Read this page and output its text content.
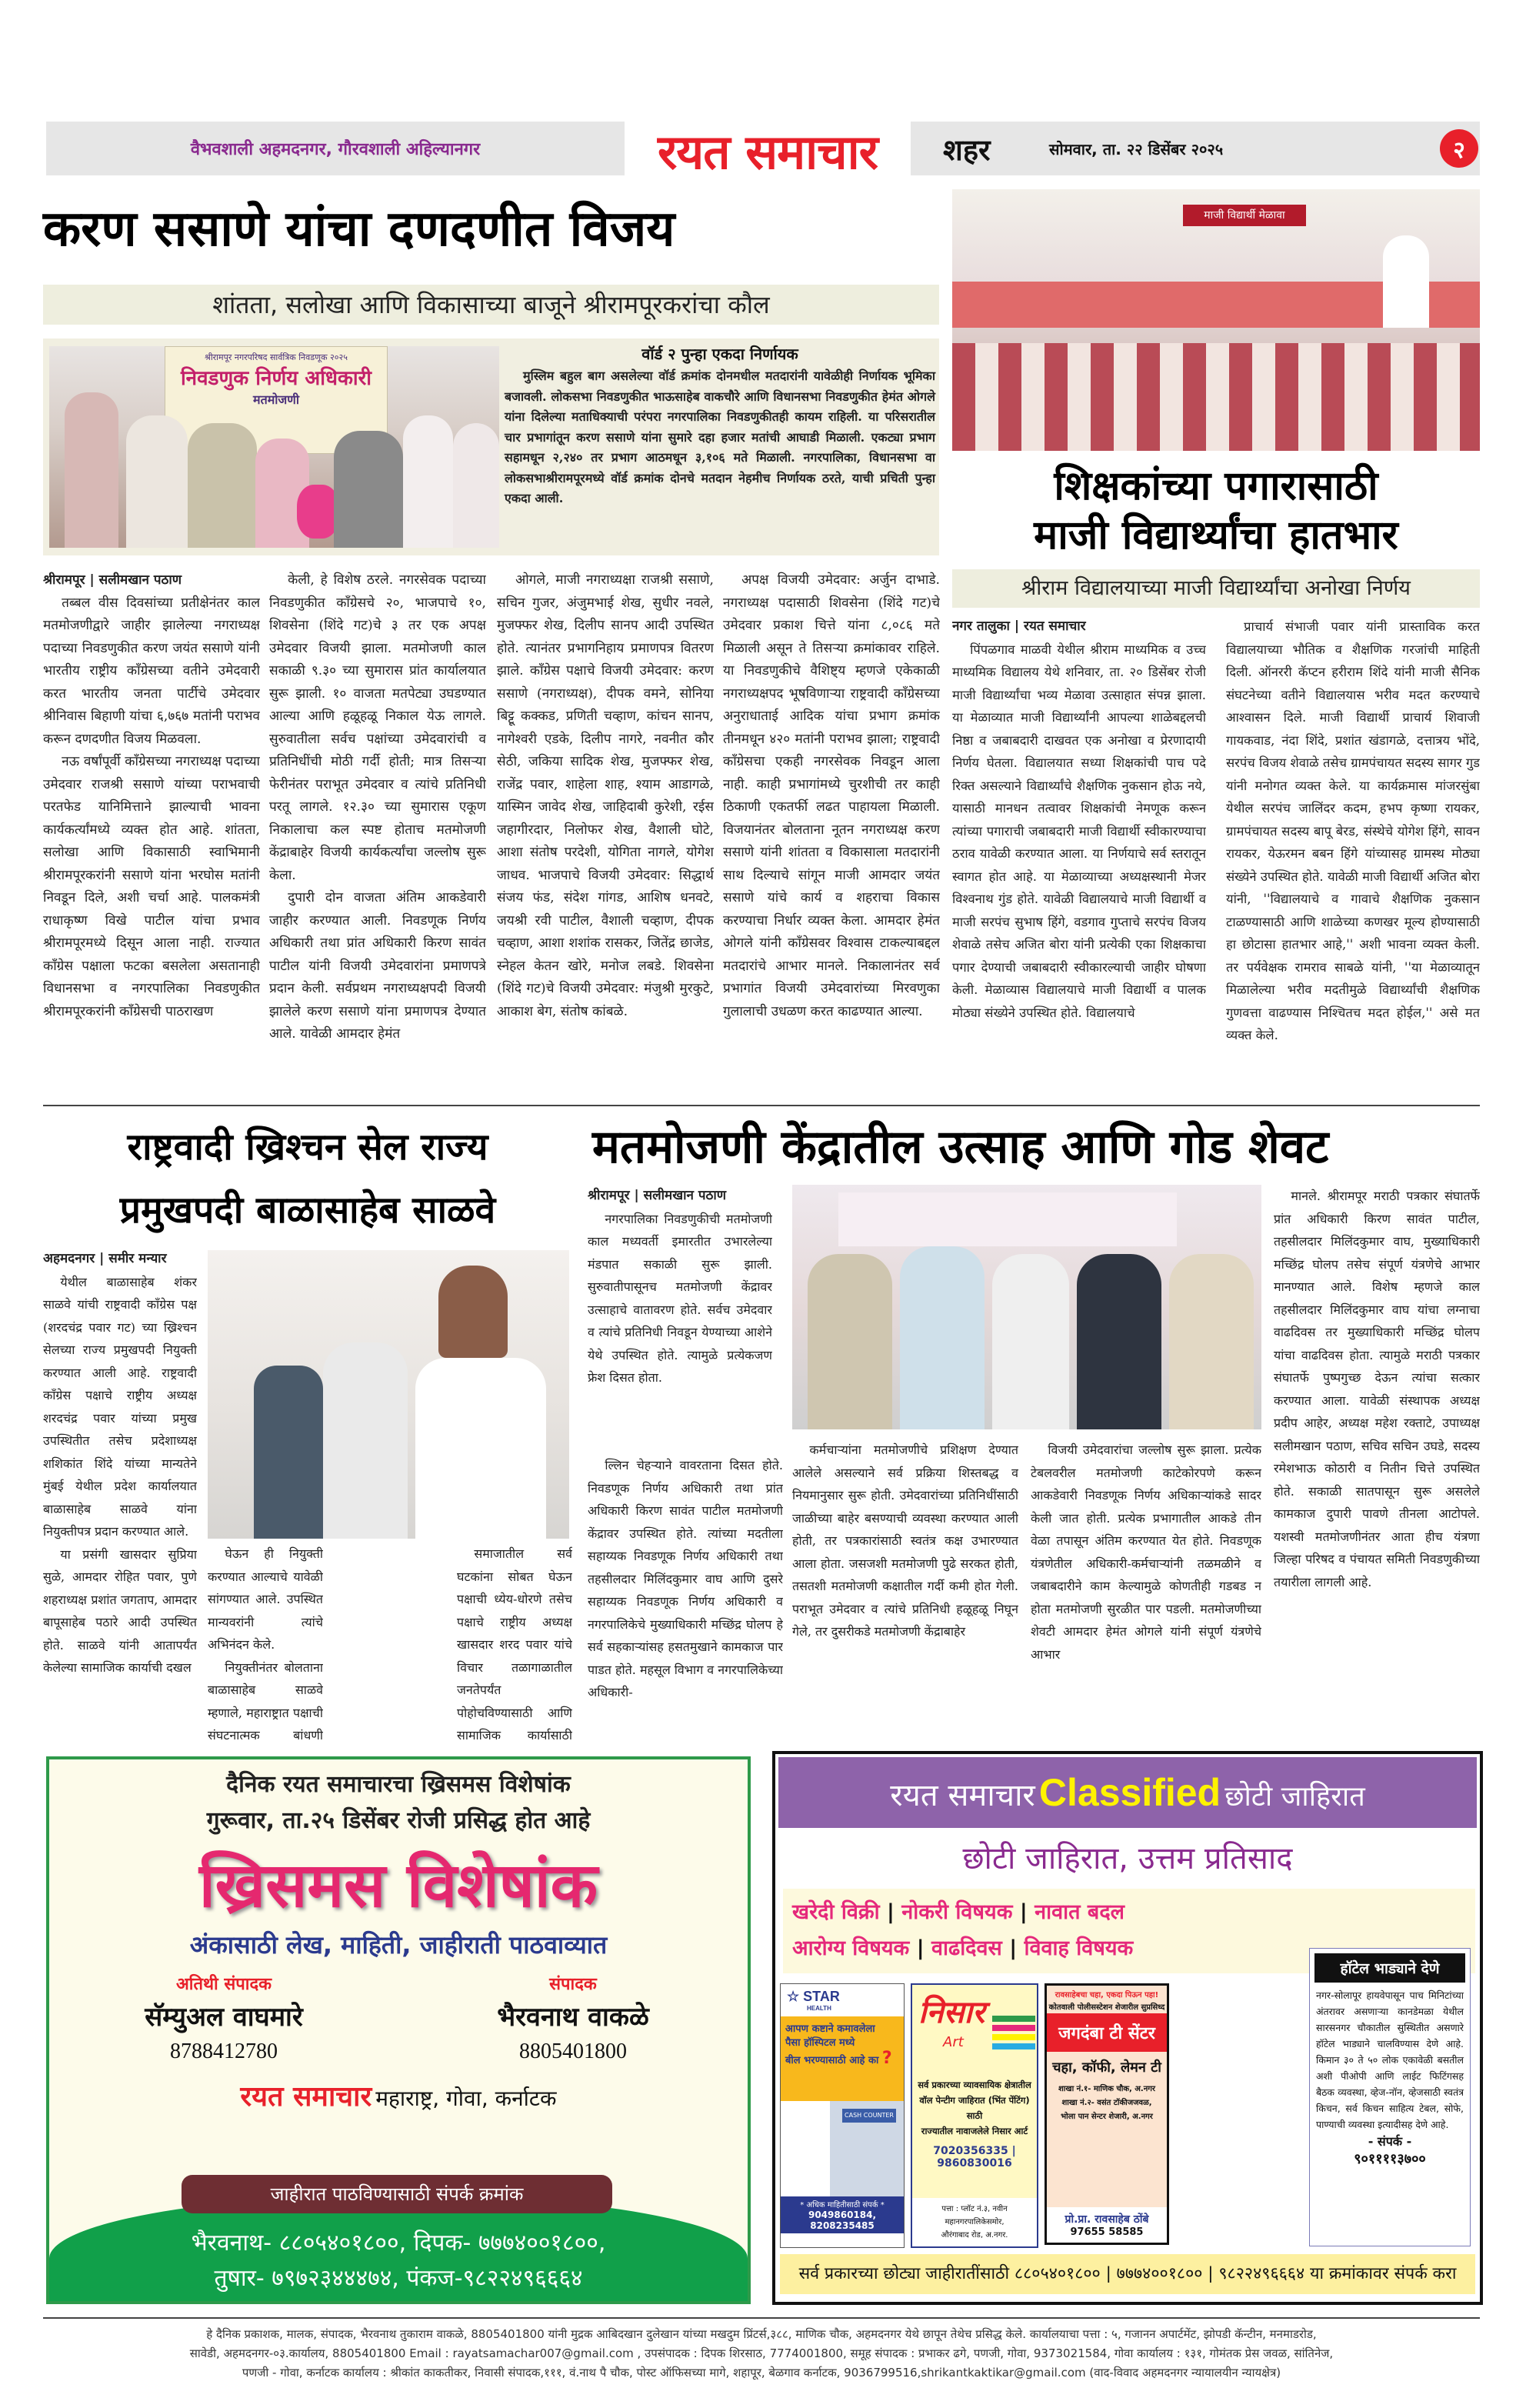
वैभवशाली अहमदनगर, गौरवशाली अहिल्यानगर	रयत समाचार	शहर	सोमवार, ता. २२ डिसेंबर २०२५	२
करण ससाणे यांचा दणदणीत विजय
शांतता, सलोखा आणि विकासाच्या बाजूने श्रीरामपूरकरांचा कौल
श्रीरामपूर नगरपरिषद सार्वत्रिक निवडणूक २०२५
निवडणुक निर्णय अधिकारी
मतमोजणी
वॉर्ड २ पुन्हा एकदा निर्णायक
मुस्लिम बहुल बाग असलेल्या वॉर्ड क्रमांक दोनमधील मतदारांनी यावेळीही निर्णायक भूमिका बजावली. लोकसभा निवडणुकीत भाऊसाहेब वाकचौरे आणि विधानसभा निवडणुकीत हेमंत ओगले यांना दिलेल्या मताधिक्याची परंपरा नगरपालिका निवडणुकीतही कायम राहिली. या परिसरातील चार प्रभागांतून करण ससाणे यांना सुमारे दहा हजार मतांची आघाडी मिळाली. एकट्या प्रभाग सहामधून २,२४० तर प्रभाग आठमधून ३,१०६ मते मिळाली. नगरपालिका, विधानसभा वा लोकसभाश्रीरामपूरमध्ये वॉर्ड क्रमांक दोनचे मतदान नेहमीच निर्णायक ठरते, याची प्रचिती पुन्हा एकदा आली.

श्रीरामपूर | सलीमखान पठाण

तब्बल वीस दिवसांच्या प्रतीक्षेनंतर काल मतमोजणीद्वारे जाहीर झालेल्या नगराध्यक्ष पदाच्या निवडणुकीत करण जयंत ससाणे यांनी भारतीय राष्ट्रीय काँग्रेसच्या वतीने उमेदवारी करत भारतीय जनता पार्टीचे उमेदवार श्रीनिवास बिहाणी यांचा ६,७६७ मतांनी पराभव करून दणदणीत विजय मिळवला.

नऊ वर्षांपूर्वी काँग्रेसच्या नगराध्यक्ष पदाच्या उमेदवार राजश्री ससाणे यांच्या पराभवाची परतफेड यानिमित्ताने झाल्याची भावना कार्यकर्त्यांमध्ये व्यक्त होत आहे. शांतता, सलोखा आणि विकासाठी स्वाभिमानी श्रीरामपूरकरांनी ससाणे यांना भरघोस मतांनी निवडून दिले, अशी चर्चा आहे. पालकमंत्री राधाकृष्ण विखे पाटील यांचा प्रभाव श्रीरामपूरमध्ये दिसून आला नाही. राज्यात काँग्रेस पक्षाला फटका बसलेला असतानाही विधानसभा व नगरपालिका निवडणुकीत श्रीरामपूरकरांनी काँग्रेसची पाठराखण

केली, हे विशेष ठरले. नगरसेवक पदाच्या निवडणुकीत काँग्रेसचे २०, भाजपाचे १०, शिवसेना (शिंदे गट)चे ३ तर एक अपक्ष उमेदवार विजयी झाला. मतमोजणी काल सकाळी ९.३० च्या सुमारास प्रांत कार्यालयात सुरू झाली. १० वाजता मतपेट्या उघडण्यात आल्या आणि हळूहळू निकाल येऊ लागले. सुरुवातीला सर्वच पक्षांच्या उमेदवारांची व प्रतिनिधींची मोठी गर्दी होती; मात्र तिसऱ्या फेरीनंतर पराभूत उमेदवार व त्यांचे प्रतिनिधी परतू लागले. १२.३० च्या सुमारास एकूण निकालाचा कल स्पष्ट होताच मतमोजणी केंद्राबाहेर विजयी कार्यकर्त्यांचा जल्लोष सुरू केला.

दुपारी दोन वाजता अंतिम आकडेवारी जाहीर करण्यात आली. निवडणूक निर्णय अधिकारी तथा प्रांत अधिकारी किरण सावंत पाटील यांनी विजयी उमेदवारांना प्रमाणपत्रे प्रदान केली. सर्वप्रथम नगराध्यक्षपदी विजयी झालेले करण ससाणे यांना प्रमाणपत्र देण्यात आले. यावेळी आमदार हेमंत

ओगले, माजी नगराध्यक्षा राजश्री ससाणे, सचिन गुजर, अंजुमभाई शेख, सुधीर नवले, मुजफ्फर शेख, दिलीप सानप आदी उपस्थित होते. त्यानंतर प्रभागनिहाय प्रमाणपत्र वितरण झाले. काँग्रेस पक्षाचे विजयी उमेदवार: करण ससाणे (नगराध्यक्ष), दीपक वमने, सोनिया बिट्टू कक्कड, प्रणिती चव्हाण, कांचन सानप, नागेश्वरी एडके, दिलीप नागरे, नवनीत कौर सेठी, जकिया सादिक शेख, मुजफ्फर शेख, राजेंद्र पवार, शाहेला शाह, श्याम आडागळे, यास्मिन जावेद शेख, जाहिदाबी कुरेशी, रईस जहागीरदार, निलोफर शेख, वैशाली घोटे, आशा संतोष परदेशी, योगिता नागले, योगेश जाधव. भाजपाचे विजयी उमेदवार: सिद्धार्थ संजय फंड, संदेश गांगड, आशिष धनवटे, जयश्री रवी पाटील, वैशाली चव्हाण, दीपक चव्हाण, आशा शशांक रासकर, जितेंद्र छाजेड, स्नेहल केतन खोरे, मनोज लबडे. शिवसेना (शिंदे गट)चे विजयी उमेदवार: मंजुश्री मुरकुटे, आकाश बेग, संतोष कांबळे.

अपक्ष विजयी उमेदवार: अर्जुन दाभाडे. नगराध्यक्ष पदासाठी शिवसेना (शिंदे गट)चे उमेदवार प्रकाश चित्ते यांना ८,०८६ मते मिळाली असून ते तिसऱ्या क्रमांकावर राहिले. या निवडणुकीचे वैशिष्ट्य म्हणजे एकेकाळी नगराध्यक्षपद भूषविणाऱ्या राष्ट्रवादी काँग्रेसच्या अनुराधाताई आदिक यांचा प्रभाग क्रमांक तीनमधून ४२० मतांनी पराभव झाला; राष्ट्रवादी काँग्रेसचा एकही नगरसेवक निवडून आला नाही. काही प्रभागांमध्ये चुरशीची तर काही ठिकाणी एकतर्फी लढत पाहायला मिळाली. विजयानंतर बोलताना नूतन नगराध्यक्ष करण ससाणे यांनी शांतता व विकासाला मतदारांनी साथ दिल्याचे सांगून माजी आमदार जयंत ससाणे यांचे कार्य व शहराचा विकास करण्याचा निर्धार व्यक्त केला. आमदार हेमंत ओगले यांनी काँग्रेसवर विश्वास टाकल्याबद्दल मतदारांचे आभार मानले. निकालानंतर सर्व प्रभागांत विजयी उमेदवारांच्या मिरवणुका गुलालाची उधळण करत काढण्यात आल्या.

माजी विद्यार्थी मेळावा
शिक्षकांच्या पगारासाठी
माजी विद्यार्थ्यांचा हातभार
श्रीराम विद्यालयाच्या माजी विद्यार्थ्यांचा अनोखा निर्णय

नगर तालुका | रयत समाचार

पिंपळगाव माळवी येथील श्रीराम माध्यमिक व उच्च माध्यमिक विद्यालय येथे शनिवार, ता. २० डिसेंबर रोजी माजी विद्यार्थ्यांचा भव्य मेळावा उत्साहात संपन्न झाला. या मेळाव्यात माजी विद्यार्थ्यांनी आपल्या शाळेबद्दलची निष्ठा व जबाबदारी दाखवत एक अनोखा व प्रेरणादायी निर्णय घेतला. विद्यालयात सध्या शिक्षकांची पाच पदे रिक्त असल्याने विद्यार्थ्यांचे शैक्षणिक नुकसान होऊ नये, यासाठी मानधन तत्वावर शिक्षकांची नेमणूक करून त्यांच्या पगाराची जबाबदारी माजी विद्यार्थी स्वीकारण्याचा ठराव यावेळी करण्यात आला. या निर्णयाचे सर्व स्तरातून स्वागत होत आहे. या मेळाव्याच्या अध्यक्षस्थानी मेजर विश्वनाथ गुंड होते. यावेळी विद्यालयाचे माजी विद्यार्थी व माजी सरपंच सुभाष हिंगे, वडगाव गुप्ताचे सरपंच विजय शेवाळे तसेच अजित बोरा यांनी प्रत्येकी एका शिक्षकाचा पगार देण्याची जबाबदारी स्वीकारल्याची जाहीर घोषणा केली. मेळाव्यास विद्यालयाचे माजी विद्यार्थी व पालक मोठ्या संख्येने उपस्थित होते. विद्यालयाचे

प्राचार्य संभाजी पवार यांनी प्रास्ताविक करत विद्यालयाच्या भौतिक व शैक्षणिक गरजांची माहिती दिली. ऑनररी कॅप्टन हरीराम शिंदे यांनी माजी सैनिक संघटनेच्या वतीने विद्यालयास भरीव मदत करण्याचे आश्वासन दिले. माजी विद्यार्थी प्राचार्य शिवाजी गायकवाड, नंदा शिंदे, प्रशांत खंडागळे, दत्तात्रय भोंदे, सरपंच विजय शेवाळे तसेच ग्रामपंचायत सदस्य सागर गुड यांनी मनोगत व्यक्त केले. या कार्यक्रमास मांजरसुंबा येथील सरपंच जालिंदर कदम, हभप कृष्णा रायकर, ग्रामपंचायत सदस्य बापू बेरड, संस्थेचे योगेश हिंगे, सावन रायकर, येऊरमन बबन हिंगे यांच्यासह ग्रामस्थ मोठ्या संख्येने उपस्थित होते. यावेळी माजी विद्यार्थी अजित बोरा यांनी, ''विद्यालयाचे व गावाचे शैक्षणिक नुकसान टाळण्यासाठी आणि शाळेच्या कणखर मूल्य होण्यासाठी हा छोटासा हातभार आहे,'' अशी भावना व्यक्त केली. तर पर्यवेक्षक रामराव साबळे यांनी, ''या मेळाव्यातून मिळालेल्या भरीव मदतीमुळे विद्यार्थ्यांची शैक्षणिक गुणवत्ता वाढण्यास निश्चितच मदत होईल,'' असे मत व्यक्त केले.

राष्ट्रवादी ख्रिश्चन सेल राज्य
प्रमुखपदी बाळासाहेब साळवे

अहमदनगर | समीर मन्यार

येथील बाळासाहेब शंकर साळवे यांची राष्ट्रवादी काँग्रेस पक्ष (शरदचंद्र पवार गट) च्या ख्रिश्चन सेलच्या राज्य प्रमुखपदी नियुक्ती करण्यात आली आहे. राष्ट्रवादी काँग्रेस पक्षाचे राष्ट्रीय अध्यक्ष शरदचंद्र पवार यांच्या प्रमुख उपस्थितीत तसेच प्रदेशाध्यक्ष शशिकांत शिंदे यांच्या मान्यतेने मुंबई येथील प्रदेश कार्यालयात बाळासाहेब साळवे यांना नियुक्तीपत्र प्रदान करण्यात आले.

या प्रसंगी खासदार सुप्रिया सुळे, आमदार रोहित पवार, पुणे शहराध्यक्ष प्रशांत जगताप, आमदार बापूसाहेब पठारे आदी उपस्थित होते. साळवे यांनी आतापर्यंत केलेल्या सामाजिक कार्याची दखल

घेऊन ही नियुक्ती करण्यात आल्याचे यावेळी सांगण्यात आले. उपस्थित मान्यवरांनी त्यांचे अभिनंदन केले.

नियुक्तीनंतर बोलताना बाळासाहेब साळवे म्हणाले, महाराष्ट्रात पक्षाची संघटनात्मक बांधणी

समाजातील सर्व घटकांना सोबत घेऊन पक्षाची ध्येय-धोरणे तसेच पक्षाचे राष्ट्रीय अध्यक्ष खासदार शरद पवार यांचे विचार तळागाळातील जनतेपर्यंत पोहोचविण्यासाठी आणि सामाजिक कार्यासाठी

मतमोजणी केंद्रातील उत्साह आणि गोड शेवट

श्रीरामपूर | सलीमखान पठाण

नगरपालिका निवडणुकीची मतमोजणी काल मध्यवर्ती इमारतीत उभारलेल्या मंडपात सकाळी सुरू झाली. सुरुवातीपासूनच मतमोजणी केंद्रावर उत्साहाचे वातावरण होते. सर्वच उमेदवार व त्यांचे प्रतिनिधी निवडून येण्याच्या आशेने येथे उपस्थित होते. त्यामुळे प्रत्येकजण फ्रेश दिसत होता.

ल्लिन चेहऱ्याने वावरताना दिसत होते. निवडणूक निर्णय अधिकारी तथा प्रांत अधिकारी किरण सावंत पाटील मतमोजणी केंद्रावर उपस्थित होते. त्यांच्या मदतीला सहाय्यक निवडणूक निर्णय अधिकारी तथा तहसीलदार मिलिंदकुमार वाघ आणि दुसरे सहाय्यक निवडणूक निर्णय अधिकारी व नगरपालिकेचे मुख्याधिकारी मच्छिंद्र घोलप हे सर्व सहकाऱ्यांसह हसतमुखाने कामकाज पार पाडत होते. महसूल विभाग व नगरपालिकेच्या अधिकारी-

कर्मचाऱ्यांना मतमोजणीचे प्रशिक्षण देण्यात आलेले असल्याने सर्व प्रक्रिया शिस्तबद्ध व नियमानुसार सुरू होती. उमेदवारांच्या प्रतिनिधींसाठी जाळीच्या बाहेर बसण्याची व्यवस्था करण्यात आली होती, तर पत्रकारांसाठी स्वतंत्र कक्ष उभारण्यात आला होता. जसजशी मतमोजणी पुढे सरकत होती, तसतशी मतमोजणी कक्षातील गर्दी कमी होत गेली. पराभूत उमेदवार व त्यांचे प्रतिनिधी हळूहळू निघून गेले, तर दुसरीकडे मतमोजणी केंद्राबाहेर

विजयी उमेदवारांचा जल्लोष सुरू झाला. प्रत्येक टेबलवरील मतमोजणी काटेकोरपणे करून आकडेवारी निवडणूक निर्णय अधिकाऱ्यांकडे सादर केली जात होती. प्रत्येक प्रभागातील आकडे तीन वेळा तपासून अंतिम करण्यात येत होते. निवडणूक यंत्रणेतील अधिकारी-कर्मचाऱ्यांनी तळमळीने व जबाबदारीने काम केल्यामुळे कोणतीही गडबड न होता मतमोजणी सुरळीत पार पडली. मतमोजणीच्या शेवटी आमदार हेमंत ओगले यांनी संपूर्ण यंत्रणेचे आभार

मानले. श्रीरामपूर मराठी पत्रकार संघातर्फे प्रांत अधिकारी किरण सावंत पाटील, तहसीलदार मिलिंदकुमार वाघ, मुख्याधिकारी मच्छिंद्र घोलप तसेच संपूर्ण यंत्रणेचे आभार मानण्यात आले. विशेष म्हणजे काल तहसीलदार मिलिंदकुमार वाघ यांचा लग्नाचा वाढदिवस तर मुख्याधिकारी मच्छिंद्र घोलप यांचा वाढदिवस होता. त्यामुळे मराठी पत्रकार संघातर्फे पुष्पगुच्छ देऊन त्यांचा सत्कार करण्यात आला. यावेळी संस्थापक अध्यक्ष प्रदीप आहेर, अध्यक्ष महेश रक्ताटे, उपाध्यक्ष सलीमखान पठाण, सचिव सचिन उघडे, सदस्य रमेशभाऊ कोठारी व नितीन चित्ते उपस्थित होते. सकाळी सातपासून सुरू असलेले कामकाज दुपारी पावणे तीनला आटोपले. यशस्वी मतमोजणीनंतर आता हीच यंत्रणा जिल्हा परिषद व पंचायत समिती निवडणुकीच्या तयारीला लागली आहे.

दैनिक रयत समाचारचा ख्रिसमस विशेषांक
गुरूवार, ता.२५ डिसेंबर रोजी प्रसिद्ध होत आहे
ख्रिसमस विशेषांक
अंकासाठी लेख, माहिती, जाहीराती पाठवाव्यात
अतिथी संपादक
सॅम्युअल वाघमारे
8788412780
संपादक
भैरवनाथ वाकळे
8805401800
रयत समाचार महाराष्ट्र, गोवा, कर्नाटक
जाहीरात पाठविण्यासाठी संपर्क क्रमांक
भैरवनाथ- ८८०५४०१८००, दिपक- ७७७४००१८००,
तुषार- ७९७२३४४४७४, पंकज-९८२२४९६६६४
रयत समाचार Classified छोटी जाहिरात
छोटी जाहिरात, उत्तम प्रतिसाद
खरेदी विक्री | नोकरी विषयक | नावात बदल
आरोग्य विषयक | वाढदिवस | विवाह विषयक
☆ STAR
HEALTH
आपण कष्टाने कमावलेला
पैसा हॉस्पिटल मध्ये
बील भरण्यासाठी आहे का ?
CASH COUNTER
* अधिक माहितीसाठी संपर्क *
9049860184, 8208235485
निसार
Art
सर्व प्रकारच्या व्यावसायिक क्षेत्रातील
वॉल पेन्टीग जाहिरात (भिंत पेंटिंग) साठी
राज्यातील नावाजलेले निसार आर्ट
7020356335 | 9860830016
पत्ता : प्लॉट नं.३, नवीन महानगरपालिकेसमोर,
औरंगाबाद रोड, अ.नगर.
रावसाहेबचा चहा, एकदा पिऊन पहा!
कोतवाली पोलीसस्टेशन शेजारील सुप्रसिध्द
जगदंबा टी सेंटर
चहा, कॉफी, लेमन टी
शाखा नं.१- माणिक चौक, अ.नगर
शाखा नं.२- वसंत टॉकीजजवळ,
भोला पान सेन्टर शेजारी, अ.नगर
प्रो.प्रा. रावसाहेब ठोंबे
97655 58585
हॉटेल भाड्याने देणे
नगर-सोलापूर हायवेपासून पाच मिनिटांच्या अंतरावर असणाऱ्या कानडेमळा येथील सारसनगर चौकातील सुस्थितीत असणारे हॉटेल भाड्याने चालविण्यास देणे आहे. किमान ३० ते ५० लोक एकावेळी बसतील अशी पीओपी आणि लाईट फिटिंगसह बैठक व्यवस्था, व्हेज-नॉन, व्हेजसाठी स्वतंत्र किचन, सर्व किचन साहित्य टेबल, सोफे, पाण्याची व्यवस्था इत्यादीसह देणे आहे.
- संपर्क -
९०११११३७००
सर्व प्रकारच्या छोट्या जाहीरातींसाठी ८८०५४०१८०० | ७७७४००१८०० | ९८२२४९६६६४ या क्रमांकावर संपर्क करा
हे दैनिक प्रकाशक, मालक, संपादक, भैरवनाथ तुकाराम वाकळे, 8805401800 यांनी मुद्रक आबिदखान दुलेखान यांच्या मखदुम प्रिंटर्स,३८८, माणिक चौक, अहमदनगर येथे छापून तेथेच प्रसिद्ध केले. कार्यालयाचा पत्ता : ५, गजानन अपार्टमेंट, झोपडी कॅन्टीन, मनमाडरोड,
सावेडी, अहमदनगर-०३.कार्यालय, 8805401800 Email : rayatsamachar007@gmail.com , उपसंपादक : दिपक शिरसाठ, 7774001800, समूह संपादक : प्रभाकर ढगे, पणजी, गोवा, 9373021584, गोवा कार्यालय : १३१, गोमंतक प्रेस जवळ, सांतिनेज,
पणजी - गोवा, कर्नाटक कार्यालय : श्रीकांत काकतीकर, निवासी संपादक,१११, वं.नाथ पै चौक, पोस्ट ऑफिसच्या मागे, शहापूर, बेळगाव कर्नाटक, 9036799516,shrikantkaktikar@gmail.com (वाद-विवाद अहमदनगर न्यायालयीन न्यायक्षेत्र)
